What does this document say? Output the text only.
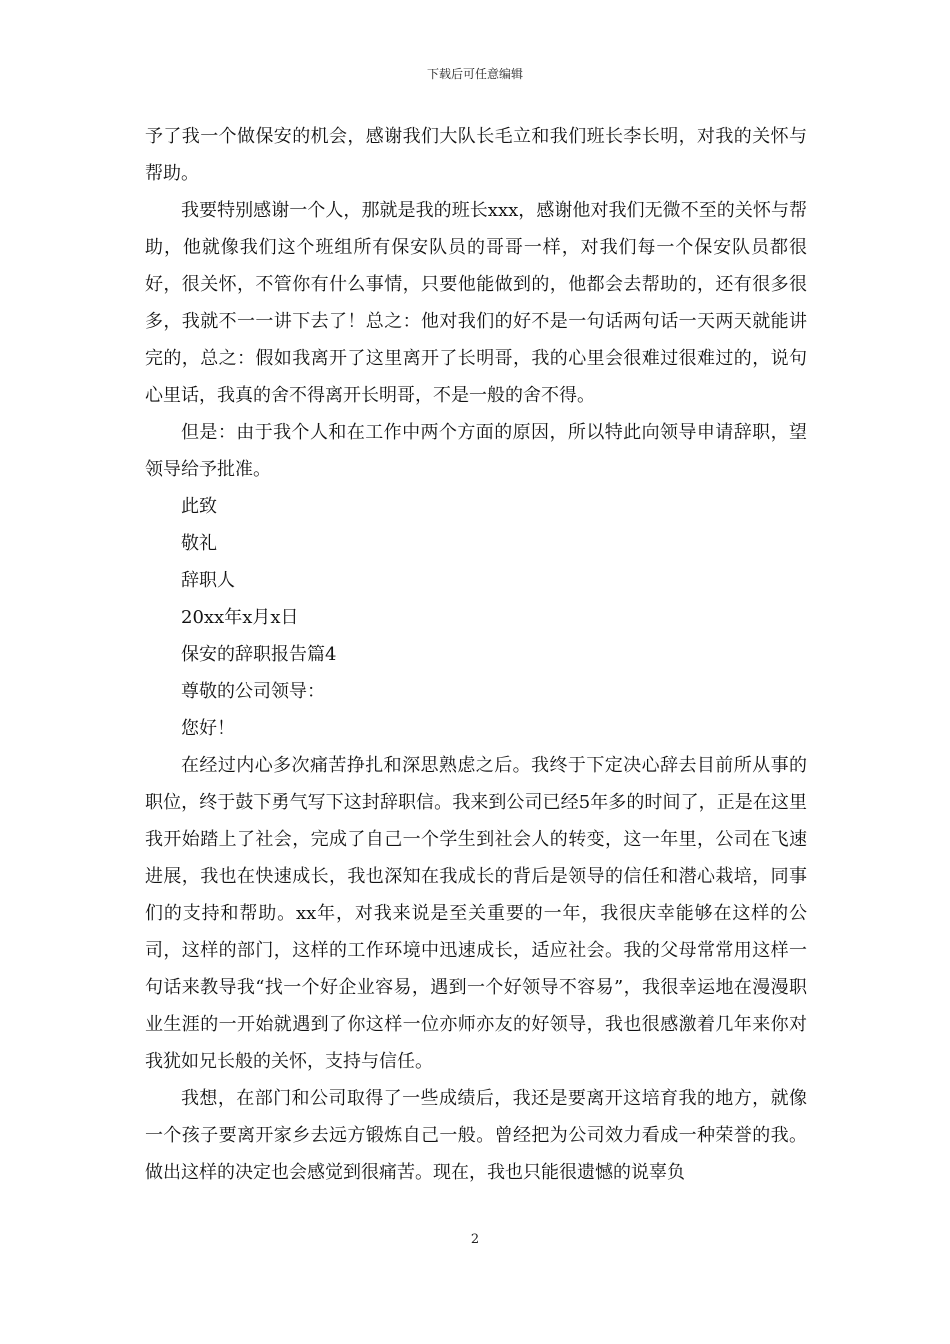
下载后可任意编辑

予了我一个做保安的机会，感谢我们大队长毛立和我们班长李长明，对我的关怀与帮助。

我要特别感谢一个人，那就是我的班长xxx，感谢他对我们无微不至的关怀与帮助，他就像我们这个班组所有保安队员的哥哥一样，对我们每一个保安队员都很好，很关怀，不管你有什么事情，只要他能做到的，他都会去帮助的，还有很多很多，我就不一一讲下去了！总之：他对我们的好不是一句话两句话一天两天就能讲完的，总之：假如我离开了这里离开了长明哥，我的心里会很难过很难过的，说句心里话，我真的舍不得离开长明哥，不是一般的舍不得。

但是：由于我个人和在工作中两个方面的原因，所以特此向领导申请辞职，望领导给予批准。

此致

敬礼

辞职人

20xx年x月x日

保安的辞职报告篇4

尊敬的公司领导：

您好！

在经过内心多次痛苦挣扎和深思熟虑之后。我终于下定决心辞去目前所从事的职位，终于鼓下勇气写下这封辞职信。我来到公司已经5年多的时间了，正是在这里我开始踏上了社会，完成了自己一个学生到社会人的转变，这一年里，公司在飞速进展，我也在快速成长，我也深知在我成长的背后是领导的信任和潜心栽培，同事们的支持和帮助。xx年，对我来说是至关重要的一年，我很庆幸能够在这样的公司，这样的部门，这样的工作环境中迅速成长，适应社会。我的父母常常用这样一句话来教导我“找一个好企业容易，遇到一个好领导不容易”，我很幸运地在漫漫职业生涯的一开始就遇到了你这样一位亦师亦友的好领导，我也很感激着几年来你对我犹如兄长般的关怀，支持与信任。

我想，在部门和公司取得了一些成绩后，我还是要离开这培育我的地方，就像一个孩子要离开家乡去远方锻炼自己一般。曾经把为公司效力看成一种荣誉的我。做出这样的决定也会感觉到很痛苦。现在，我也只能很遗憾的说辜负

2
